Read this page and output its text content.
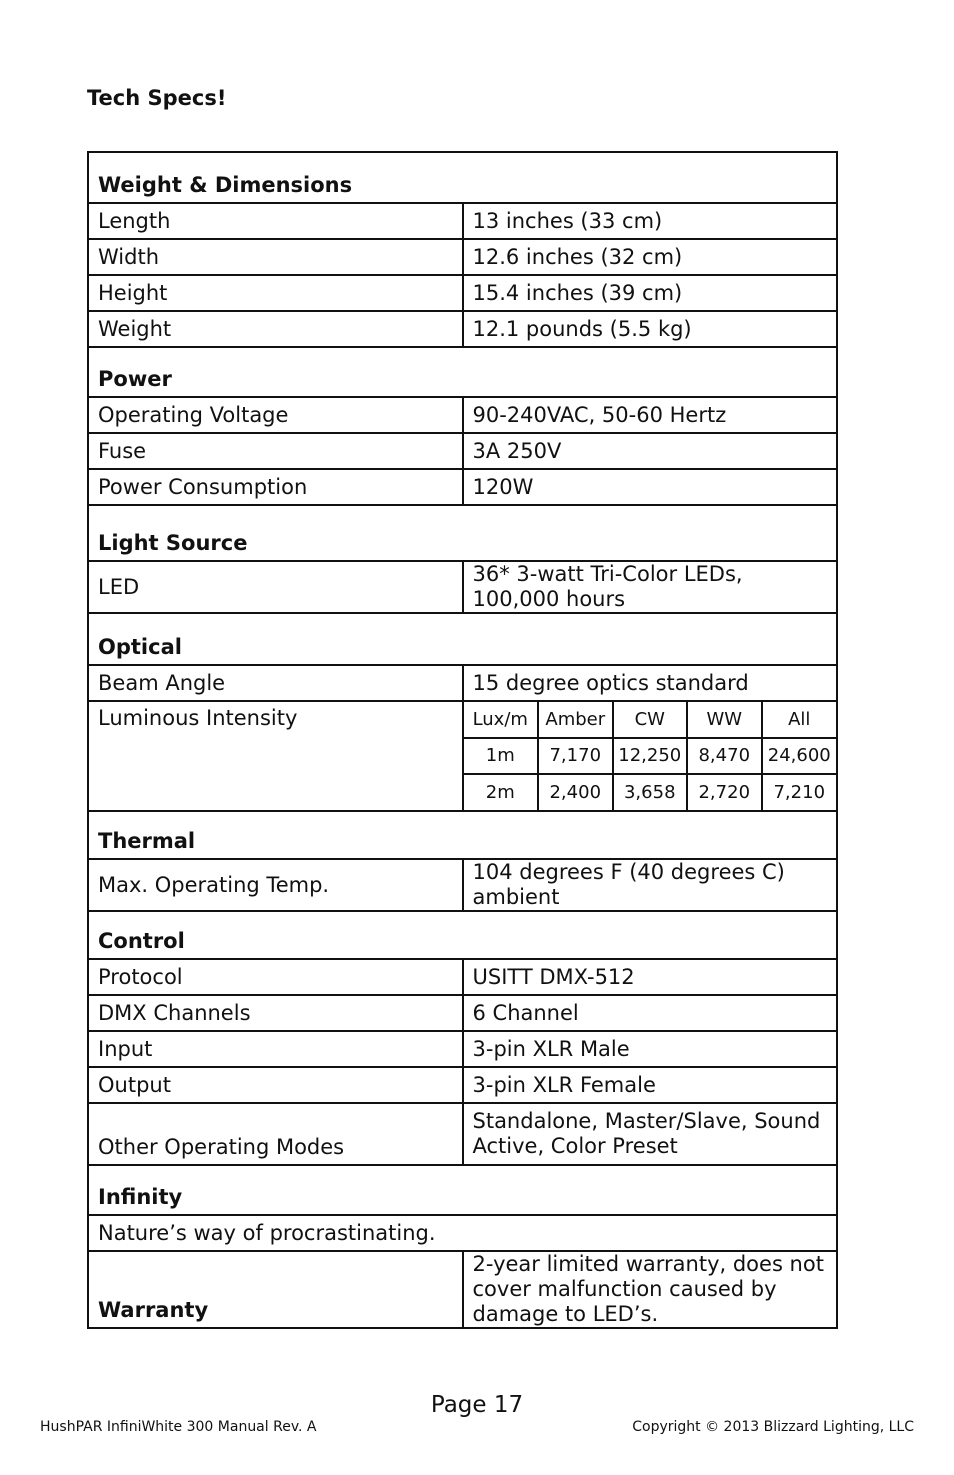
Tech Specs!
Weight & Dimensions
Length	13 inches (33 cm)
Width	12.6 inches (32 cm)
Height	15.4 inches (39 cm)
Weight	12.1 pounds (5.5 kg)
Power
Operating Voltage	90-240VAC, 50-60 Hertz
Fuse	3A 250V
Power Consumption	120W
Light Source
LED	36* 3-watt Tri-Color LEDs, 100,000 hours
Optical
Beam Angle	15 degree optics standard
Luminous Intensity		Lux/m	Amber	CW	WW	All
1m	7,170	12,250	8,470	24,600
2m	2,400	3,658	2,720	7,210

Thermal
Max. Operating Temp.	104 degrees F (40 degrees C) ambient
Control
Protocol	USITT DMX-512
DMX Channels	6 Channel
Input	3-pin XLR Male
Output	3-pin XLR Female
Other Operating Modes	Standalone, Master/Slave, Sound Active, Color Preset
Infinity
Nature’s way of procrastinating.
Warranty	2-year limited warranty, does not cover malfunction caused by damage to LED’s.
Page 17
HushPAR InfiniWhite 300 Manual Rev. A	Copyright © 2013 Blizzard Lighting, LLC
